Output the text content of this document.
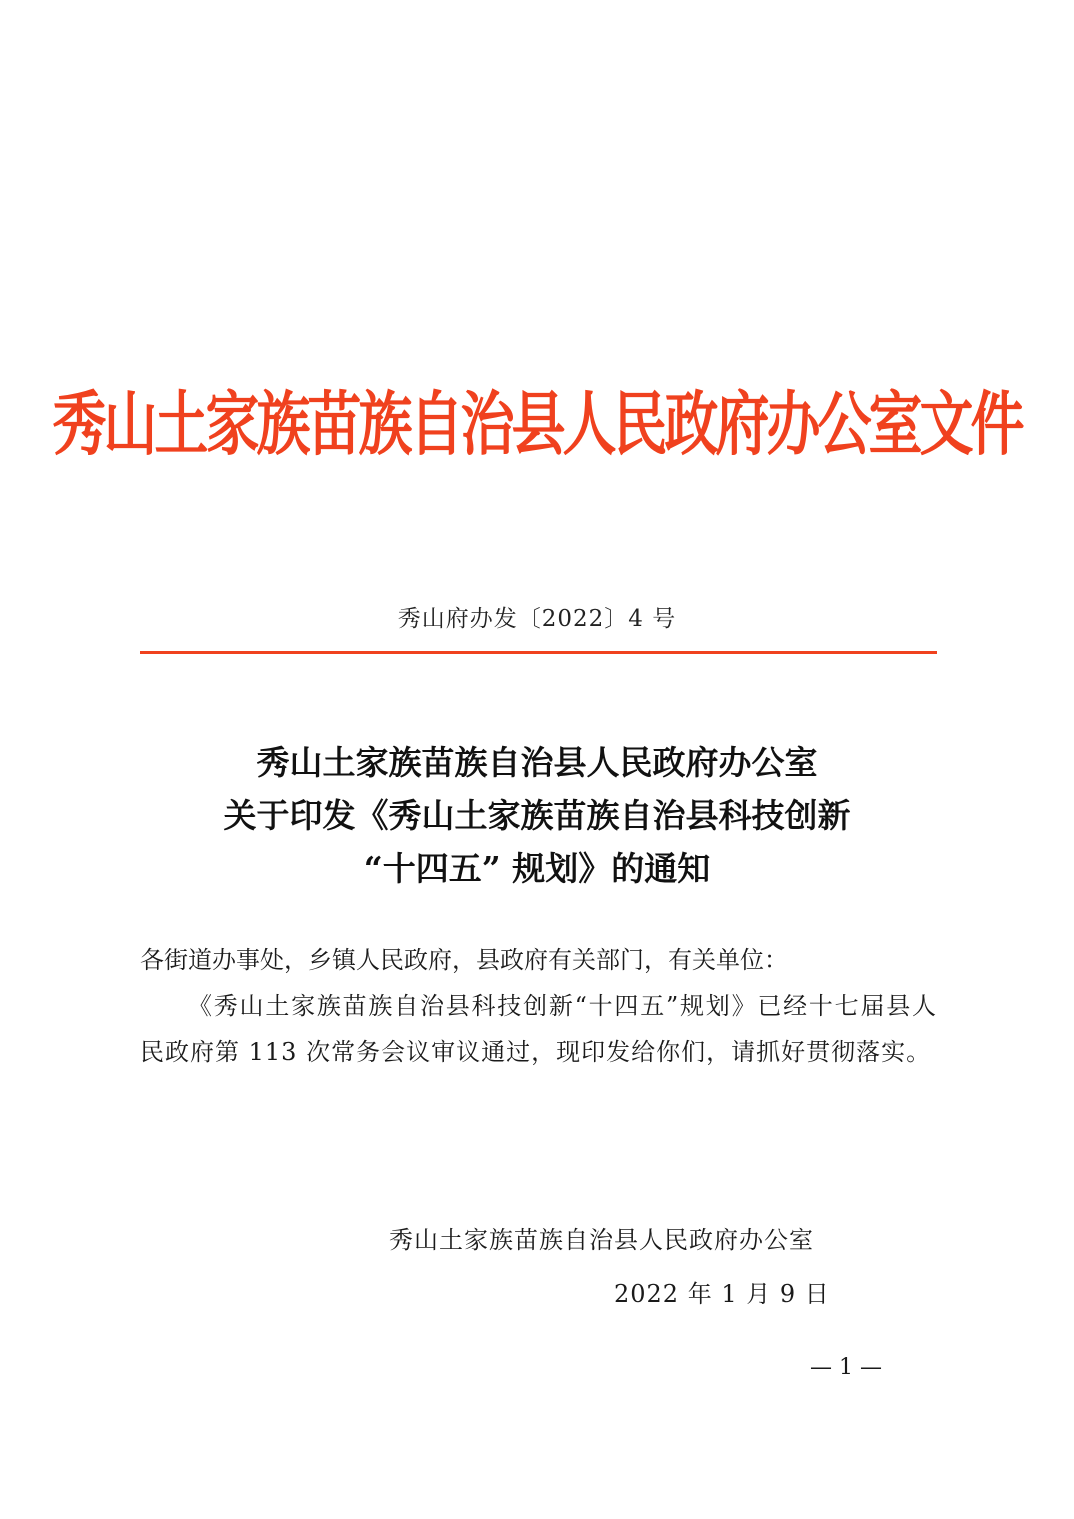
秀山土家族苗族自治县人民政府办公室文件
秀山府办发〔2022〕4 号
秀山土家族苗族自治县人民政府办公室
关于印发《秀山土家族苗族自治县科技创新
“十四五” 规划》的通知
各街道办事处，乡镇人民政府，县政府有关部门，有关单位：
《秀山土家族苗族自治县科技创新“十四五”规划》已经十七届县人民政府第 113 次常务会议审议通过，现印发给你们，请抓好贯彻落实。
秀山土家族苗族自治县人民政府办公室
2022 年 1 月 9 日
— 1 —
